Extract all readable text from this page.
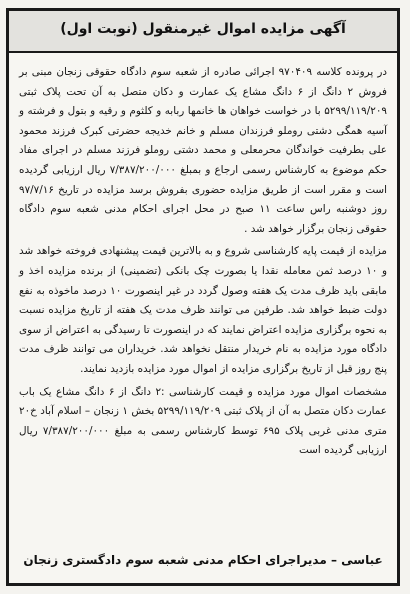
آگهی مزایده اموال غیرمنقول (نوبت اول)

در پرونده کلاسه ۹۷۰۴۰۹ اجرائی صادره از شعبه سوم دادگاه حقوقی زنجان مبنی بر فروش ۲ دانگ از ۶ دانگ مشاع یک عمارت و دکان متصل به آن تحت پلاک ثبتی ۵۲۹۹/۱۱۹/۲۰۹ با در خواست خواهان ها خانمها ربابه و کلثوم و رقیه و بتول و فرشته و آسیه همگی دشتی روملو فرزندان مسلم و خانم خدیجه حضرتی کبرک فرزند محمود علی بطرفیت خواندگان محرمعلی و محمد دشتی روملو فرزند مسلم در اجرای مفاد حکم موضوع به کارشناس رسمی ارجاع و بمبلغ ۷/۳۸۷/۲۰۰/۰۰۰ ریال ارزیابی گردیده است و مقرر است از طریق مزایده حضوری بفروش برسد مزایده در تاریخ ۹۷/۷/۱۶ روز دوشنبه راس ساعت ۱۱ صبح در محل اجرای احکام مدنی شعبه سوم دادگاه حقوقی زنجان برگزار خواهد شد .

مزایده از قیمت پایه کارشناسی شروع و به بالاترین قیمت پیشنهادی فروخته خواهد شد و ۱۰ درصد ثمن معامله نقدا یا بصورت چک بانکی (تضمینی) از برنده مزایده اخذ و مابقی باید ظرف مدت یک هفته وصول گردد در غیر اینصورت ۱۰ درصد ماخوذه به نفع دولت ضبط خواهد شد. طرفین می توانند ظرف مدت یک هفته از تاریخ مزایده نسبت به نحوه برگزاری مزایده اعتراض نمایند که در اینصورت تا رسیدگی به اعتراض از سوی دادگاه مورد مزایده به نام خریدار منتقل نخواهد شد. خریداران می توانند ظرف مدت پنج روز قبل از تاریخ برگزاری مزایده از اموال مورد مزایده بازدید نمایند.

مشخصات اموال مورد مزایده و قیمت کارشناسی :۲ دانگ از ۶ دانگ مشاع یک باب عمارت دکان متصل به آن از پلاک ثبتی ۵۲۹۹/۱۱۹/۲۰۹ بخش ۱ زنجان – اسلام آباد خ۲۰ متری مدنی غربی پلاک ۶۹۵ توسط کارشناس رسمی به مبلغ ۷/۳۸۷/۲۰۰/۰۰۰ ریال ارزیابی گردیده است

عباسی – مدیراجرای احکام مدنی شعبه سوم دادگستری زنجان
